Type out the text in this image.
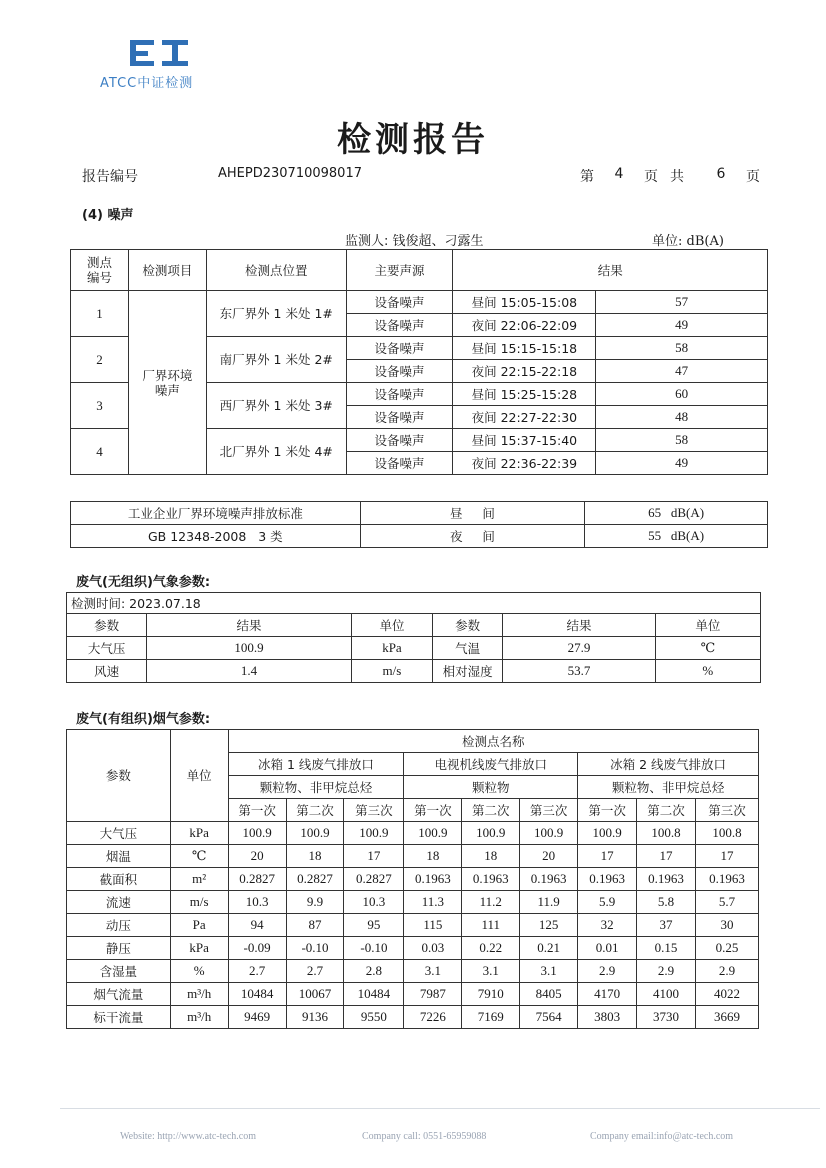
ATCC中证检测
检测报告
报告编号	AHEPD230710098017	第 4 页共 6 页
(4) 噪声
监测人: 钱俊超、刁露生	单位: dB(A)
测点编号	检测项目	检测点位置	主要声源	结果	
1	厂界环境噪声	东厂界外 1 米处 1#	设备噪声	昼间 15:05-15:08	57
			设备噪声	夜间 22:06-22:09	49
2		南厂界外 1 米处 2#	设备噪声	昼间 15:15-15:18	58
			设备噪声	夜间 22:15-22:18	47
3		西厂界外 1 米处 3#	设备噪声	昼间 15:25-15:28	60
			设备噪声	夜间 22:27-22:30	48
4		北厂界外 1 米处 4#	设备噪声	昼间 15:37-15:40	58
			设备噪声	夜间 22:36-22:39	49
工业企业厂界环境噪声排放标准	昼     间	65   dB(A)
GB 12348-2008   3 类	夜     间	55   dB(A)
废气(无组织)气象参数:
检测时间: 2023.07.18					
参数	结果	单位	参数	结果	单位
大气压	100.9	kPa	气温	27.9	℃
风速	1.4	m/s	相对湿度	53.7	%
废气(有组织)烟气参数:
参数	单位	检测点名称								
		冰箱 1 线废气排放口			电视机线废气排放口			冰箱 2 线废气排放口		
		颗粒物、非甲烷总烃			颗粒物			颗粒物、非甲烷总烃		
		第一次	第二次	第三次	第一次	第二次	第三次	第一次	第二次	第三次
大气压	kPa	100.9	100.9	100.9	100.9	100.9	100.9	100.9	100.8	100.8
烟温	℃	20	18	17	18	18	20	17	17	17
截面积	m²	0.2827	0.2827	0.2827	0.1963	0.1963	0.1963	0.1963	0.1963	0.1963
流速	m/s	10.3	9.9	10.3	11.3	11.2	11.9	5.9	5.8	5.7
动压	Pa	94	87	95	115	111	125	32	37	30
静压	kPa	-0.09	-0.10	-0.10	0.03	0.22	0.21	0.01	0.15	0.25
含湿量	%	2.7	2.7	2.8	3.1	3.1	3.1	2.9	2.9	2.9
烟气流量	m³/h	10484	10067	10484	7987	7910	8405	4170	4100	4022
标干流量	m³/h	9469	9136	9550	7226	7169	7564	3803	3730	3669
Website: http://www.atc-tech.com	Company call: 0551-65959088	Company email:info@atc-tech.com
